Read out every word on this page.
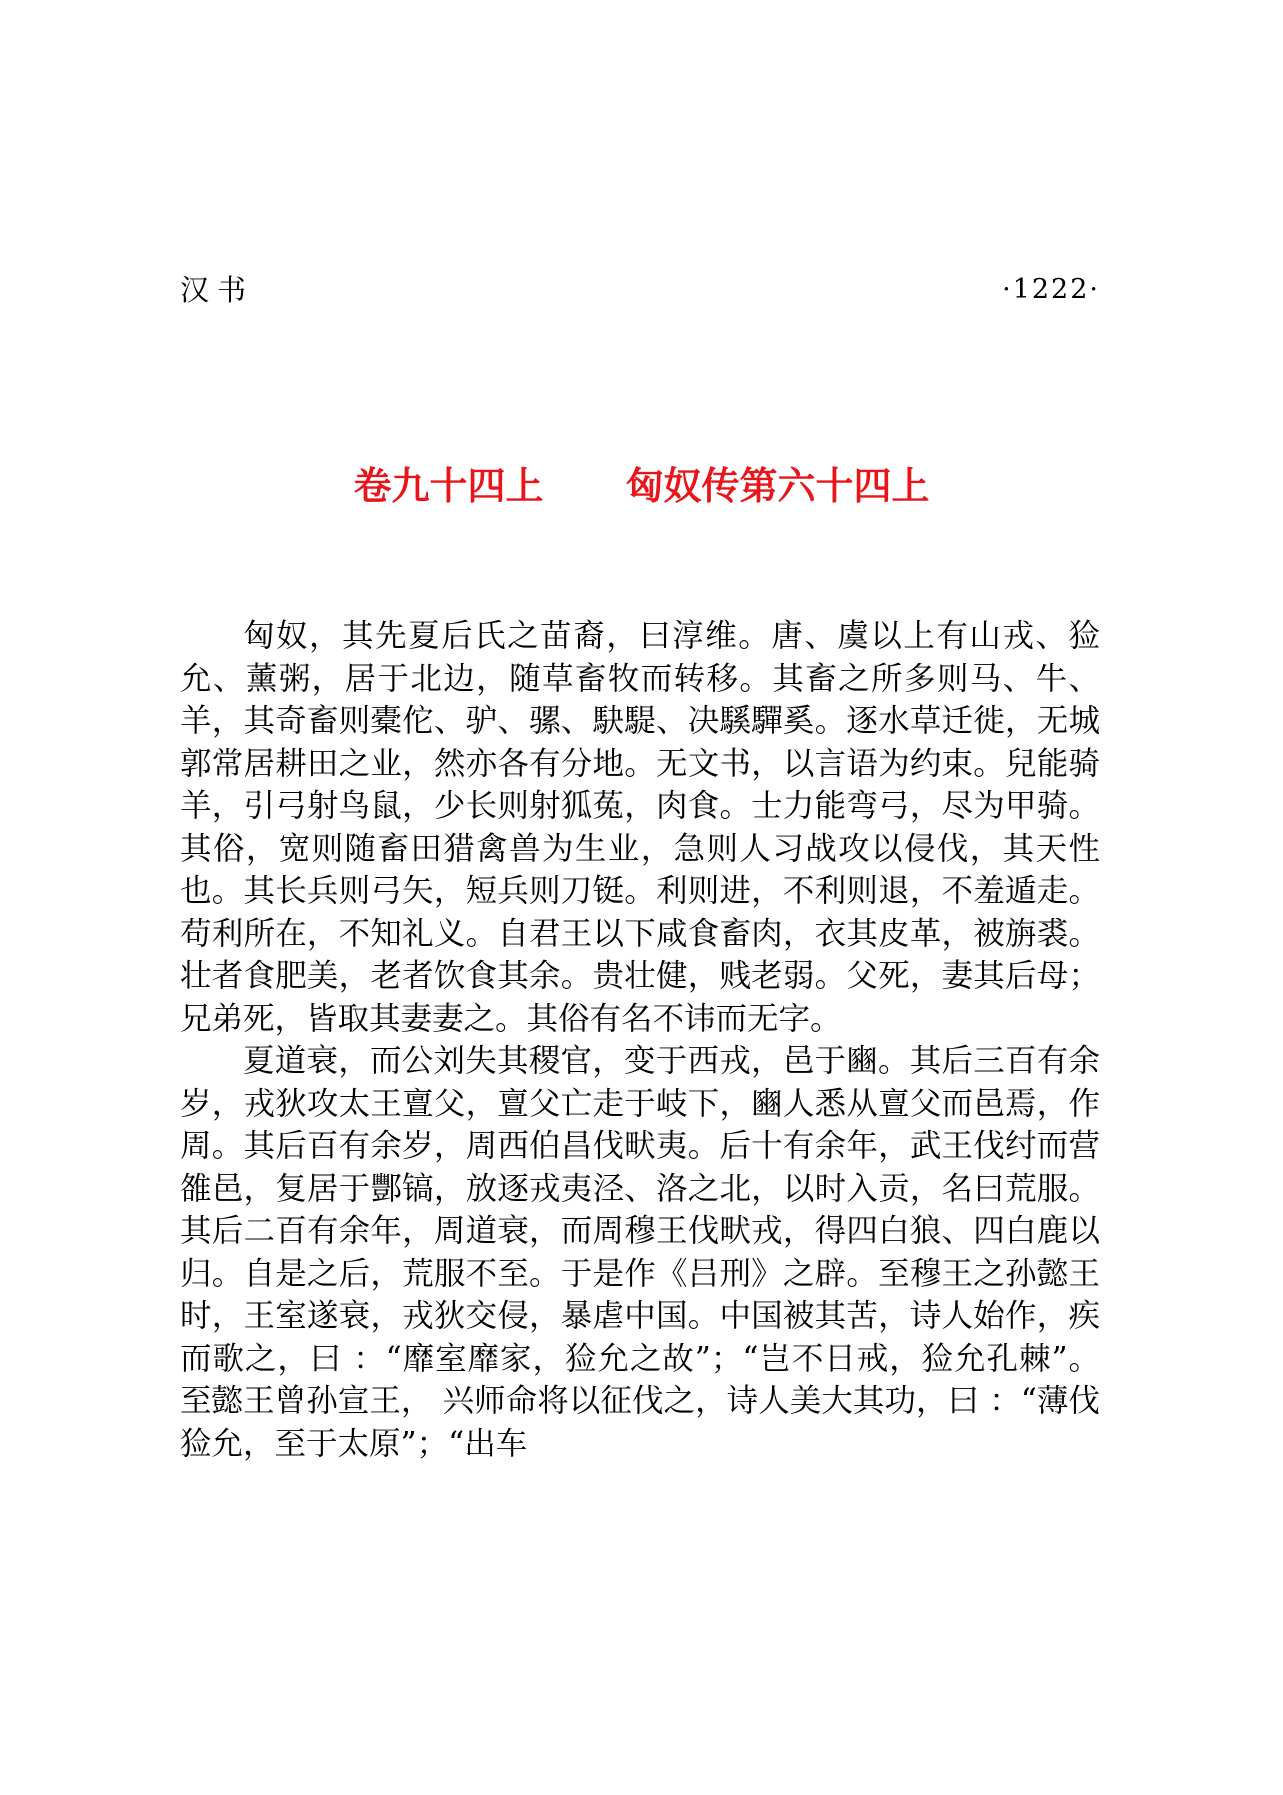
汉书	·1222·
卷九十四上 匈奴传第六十四上

匈奴，其先夏后氏之苗裔，曰淳维。唐、虞以上有山戎、猃允、薰粥，居于北边，随草畜牧而转移。其畜之所多则马、牛、羊，其奇畜则橐佗、驴、骡、駃騠、决騱驒奚。逐水草迁徙，无城郭常居耕田之业，然亦各有分地。无文书，以言语为约束。兒能骑羊，引弓射鸟鼠，少长则射狐菟，肉食。士力能弯弓，尽为甲骑。其俗，宽则随畜田猎禽兽为生业，急则人习战攻以侵伐，其天性也。其长兵则弓矢，短兵则刀铤。利则进，不利则退，不羞遁走。苟利所在，不知礼义。自君王以下咸食畜肉，衣其皮革，被旃裘。壮者食肥美，老者饮食其余。贵壮健，贱老弱。父死，妻其后母；兄弟死，皆取其妻妻之。其俗有名不讳而无字。

夏道衰，而公刘失其稷官，变于西戎，邑于豳。其后三百有余岁，戎狄攻太王亶父，亶父亡走于岐下，豳人悉从亶父而邑焉，作周。其后百有余岁，周西伯昌伐畎夷。后十有余年，武王伐纣而营雒邑，复居于酆镐，放逐戎夷泾、洛之北，以时入贡，名曰荒服。其后二百有余年，周道衰，而周穆王伐畎戎，得四白狼、四白鹿以归。自是之后，荒服不至。于是作《吕刑》之辟。至穆王之孙懿王时，王室遂衰，戎狄交侵，暴虐中国。中国被其苦，诗人始作，疾而歌之，曰 ：“靡室靡家，猃允之故”；“岂不日戒，猃允孔棘”。至懿王曾孙宣王， 兴师命将以征伐之，诗人美大其功，曰 ：“薄伐猃允，至于太原”；“出车
